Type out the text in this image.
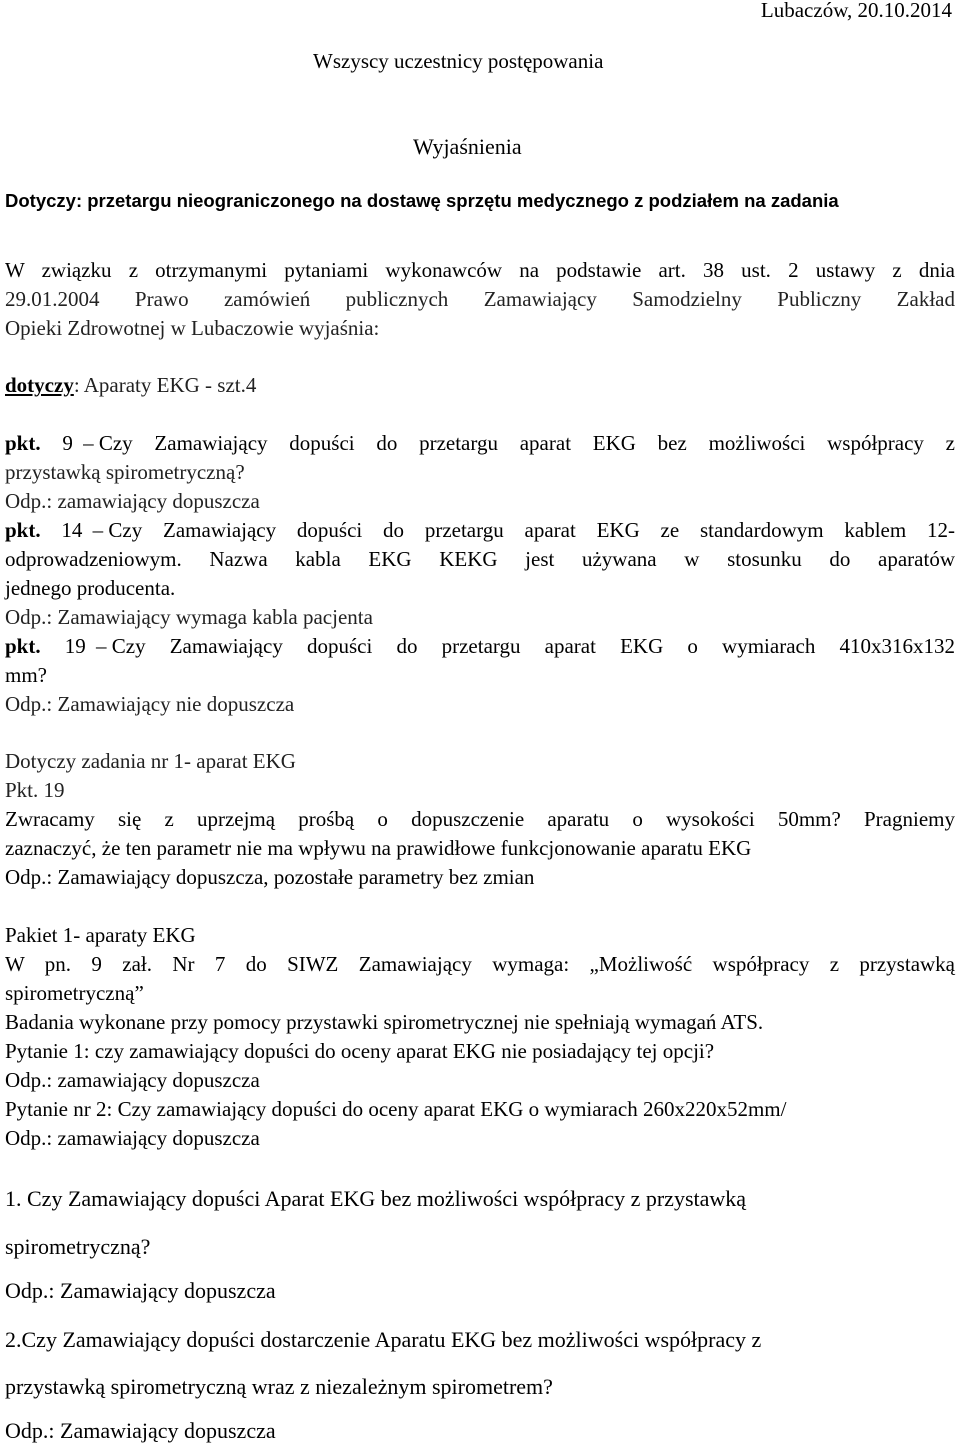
Lubaczów, 20.10.2014
Wszyscy uczestnicy postępowania
Wyjaśnienia
Dotyczy: przetargu nieograniczonego na dostawę sprzętu medycznego z podziałem na zadania
W związku z otrzymanymi pytaniami wykonawców na podstawie art. 38 ust. 2 ustawy z dnia
29.01.2004 Prawo zamówień publicznych Zamawiający Samodzielny Publiczny Zakład
Opieki Zdrowotnej w Lubaczowie wyjaśnia:
dotyczy: Aparaty EKG - szt.4
pkt. 9 – Czy Zamawiający dopuści do przetargu aparat EKG bez możliwości współpracy z
przystawką spirometryczną?
Odp.: zamawiający dopuszcza
pkt. 14 – Czy Zamawiający dopuści do przetargu aparat EKG ze standardowym kablem 12-
odprowadzeniowym. Nazwa kabla EKG KEKG jest używana w stosunku do aparatów
jednego producenta.
Odp.: Zamawiający wymaga kabla pacjenta
pkt. 19 – Czy Zamawiający dopuści do przetargu aparat EKG o wymiarach 410x316x132
mm?
Odp.: Zamawiający nie dopuszcza
Dotyczy zadania nr 1- aparat EKG
Pkt. 19
Zwracamy się z uprzejmą prośbą o dopuszczenie aparatu o wysokości 50mm? Pragniemy
zaznaczyć, że ten parametr nie ma wpływu na prawidłowe funkcjonowanie aparatu EKG
Odp.: Zamawiający dopuszcza, pozostałe parametry bez zmian
Pakiet 1- aparaty EKG
W pn. 9 zał. Nr 7 do SIWZ Zamawiający wymaga: „Możliwość współpracy z przystawką
spirometryczną”
Badania wykonane przy pomocy przystawki spirometrycznej nie spełniają wymagań ATS.
Pytanie 1: czy zamawiający dopuści do oceny aparat EKG nie posiadający tej opcji?
Odp.: zamawiający dopuszcza
Pytanie nr 2: Czy zamawiający dopuści do oceny aparat EKG o wymiarach 260x220x52mm/
Odp.: zamawiający dopuszcza
1. Czy Zamawiający dopuści Aparat EKG bez możliwości współpracy z przystawką
spirometryczną?
Odp.: Zamawiający dopuszcza
2.Czy Zamawiający dopuści dostarczenie Aparatu EKG bez możliwości współpracy z
przystawką spirometryczną wraz z niezależnym spirometrem?
Odp.: Zamawiający dopuszcza
